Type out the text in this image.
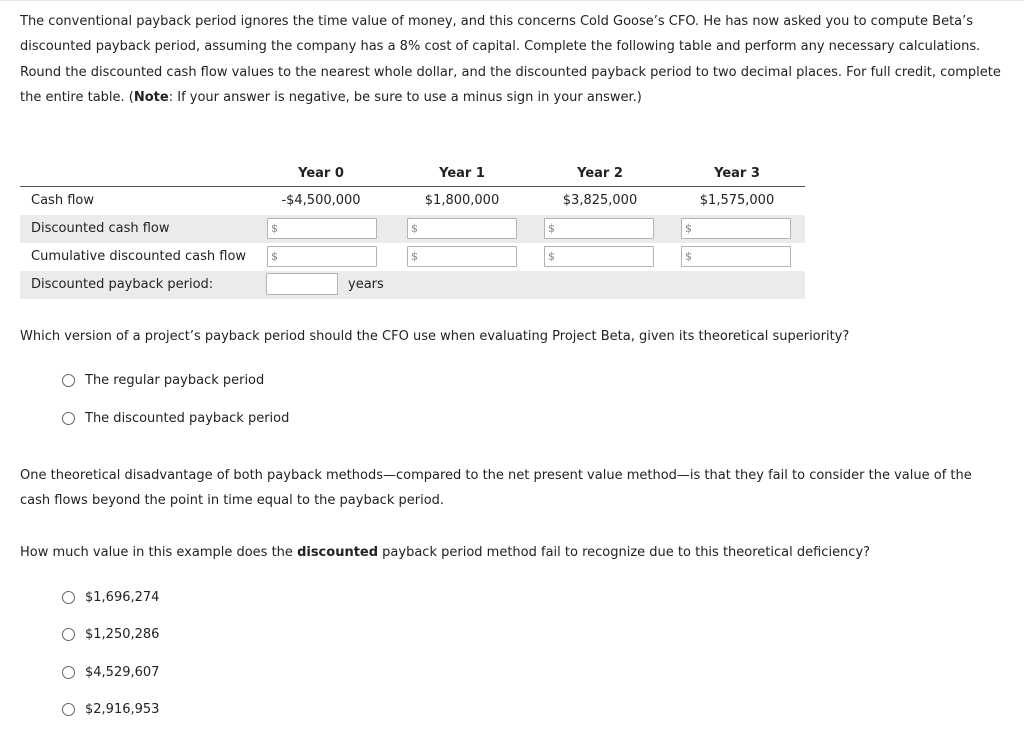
The conventional payback period ignores the time value of money, and this concerns Cold Goose’s CFO. He has now asked you to compute Beta’s discounted payback period, assuming the company has a 8% cost of capital. Complete the following table and perform any necessary calculations. Round the discounted cash flow values to the nearest whole dollar, and the discounted payback period to two decimal places. For full credit, complete the entire table. (Note: If your answer is negative, be sure to use a minus sign in your answer.)
Year 0	Year 1	Year 2	Year 3
Cash flow	-$4,500,000	$1,800,000	$3,825,000	$1,575,000
Discounted cash flow	$	$	$	$
Cumulative discounted cash flow $	$	$	$
Discounted payback period:	years
Which version of a project’s payback period should the CFO use when evaluating Project Beta, given its theoretical superiority?
The regular payback period
The discounted payback period
One theoretical disadvantage of both payback methods—compared to the net present value method—is that they fail to consider the value of the cash flows beyond the point in time equal to the payback period.
How much value in this example does the discounted payback period method fail to recognize due to this theoretical deficiency?
$1,696,274
$1,250,286
$4,529,607
$2,916,953
